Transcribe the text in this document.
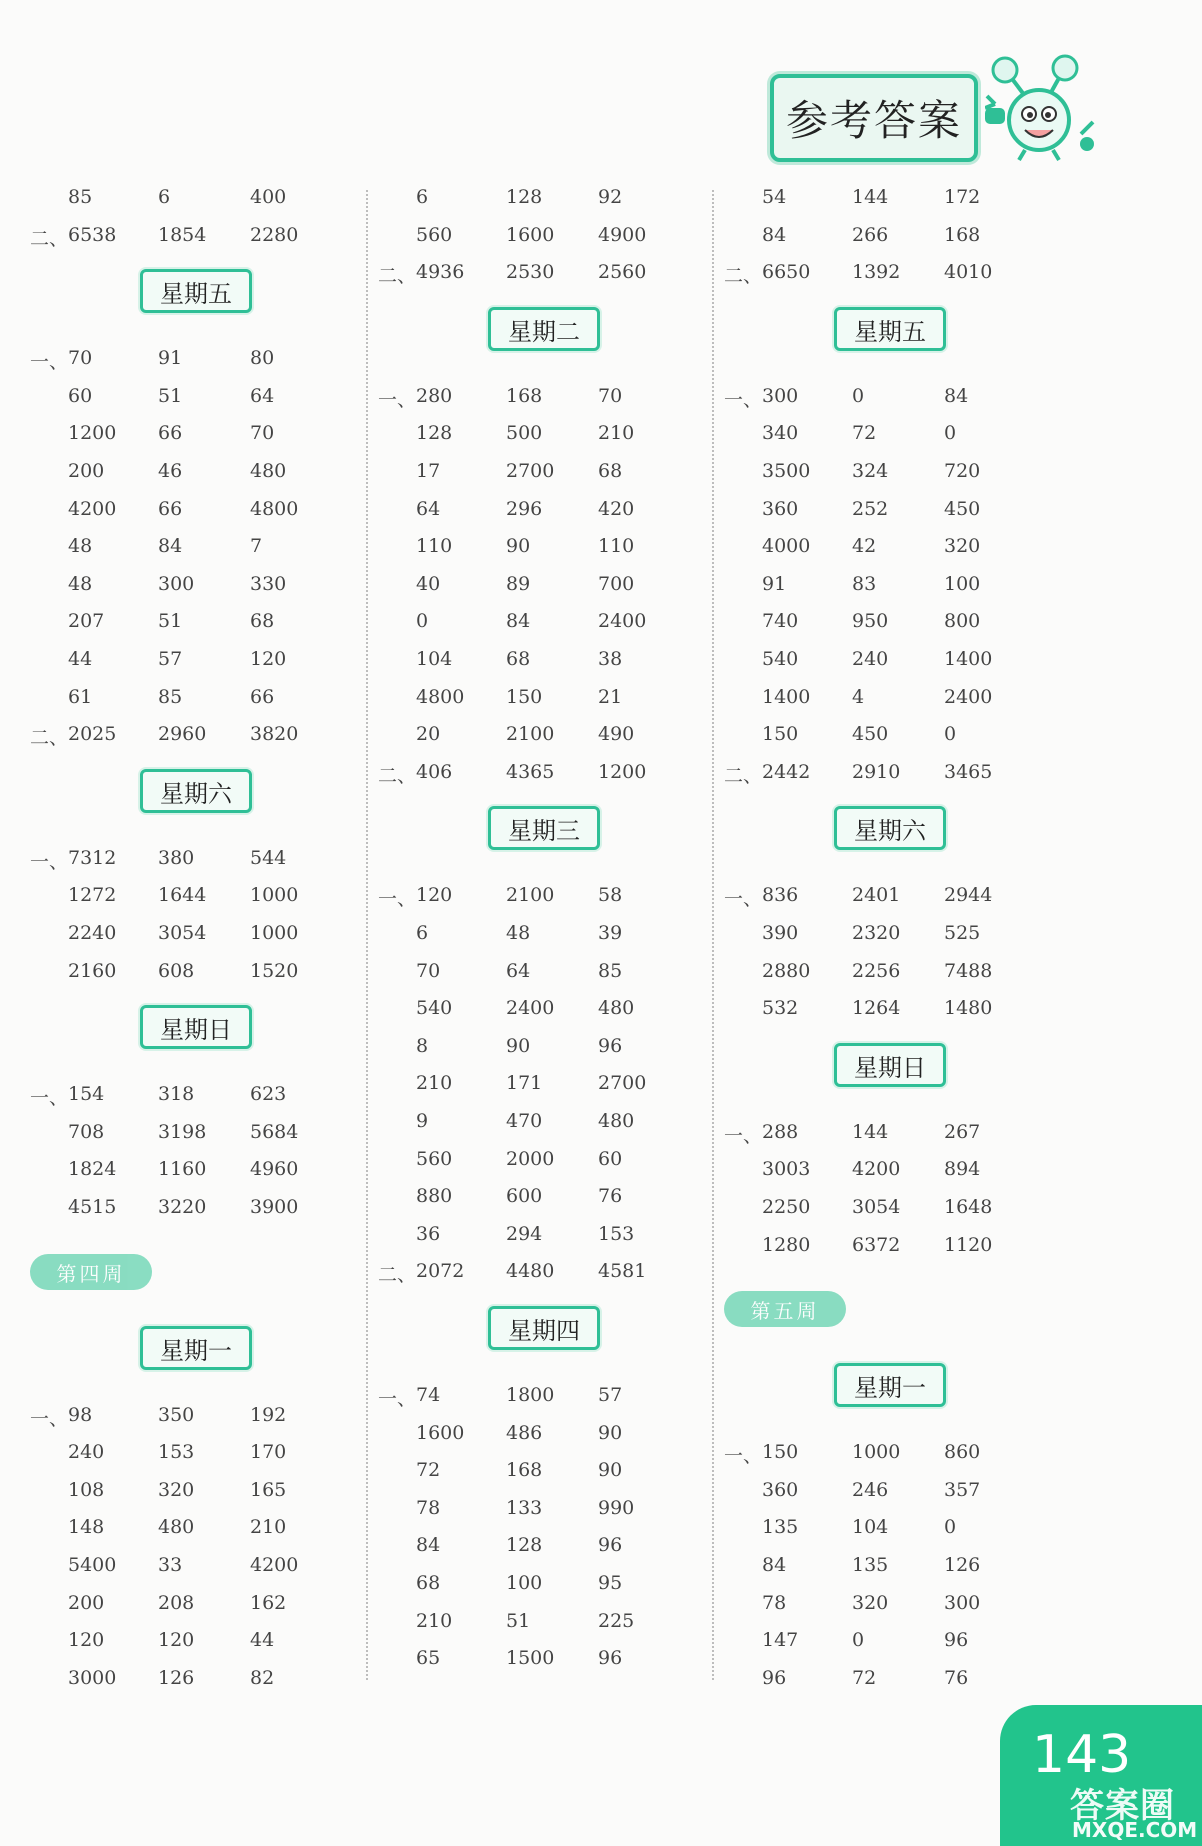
参考答案
85	6	400
二、 6538 1854 2280
星期五
一、 70	91	80
60	51	64
1200 66	70
200	46	480
4200 66	4800
48	84	7
48	300	330
207	51	68
44	57	120
61	85	66
二、 2025 2960 3820
星期六
一、 7312 380	544
1272 1644 1000
2240 3054 1000
2160 608	1520
星期日
一、 154	318	623
708	3198 5684
1824 1160 4960
4515 3220 3900
第四周
星期一
一、 98	350	192
240	153	170
108	320	165
148	480	210
5400 33	4200
200	208	162
120	120	44
3000 126	82
6	128	92
560	1600 4900
二、 4936 2530 2560
星期二
一、 280	168	70
128	500	210
17	2700 68
64	296	420
110	90	110
40	89	700
0	84	2400
104	68	38
4800 150	21
20	2100 490
二、 406	4365 1200
星期三
一、 120	2100 58
6	48	39
70	64	85
540	2400 480
8	90	96
210	171	2700
9	470	480
560	2000 60
880	600	76
36	294	153
二、 2072 4480 4581
星期四
一、 74	1800 57
1600 486	90
72	168	90
78	133	990
84	128	96
68	100	95
210	51	225
65	1500 96
54	144	172
84	266	168
二、 6650 1392 4010
星期五
一、 300	0	84
340	72	0
3500 324	720
360	252	450
4000 42	320
91	83	100
740	950	800
540	240	1400
1400 4	2400
150	450	0
二、 2442 2910 3465
星期六
一、 836	2401 2944
390	2320 525
2880 2256 7488
532	1264 1480
星期日
一、 288	144	267
3003 4200 894
2250 3054 1648
1280 6372 1120
第五周
星期一
一、 150	1000 860
360	246	357
135	104	0
84	135	126
78	320	300
147	0	96
96	72	76
143
答案圈
MXQE.COM
